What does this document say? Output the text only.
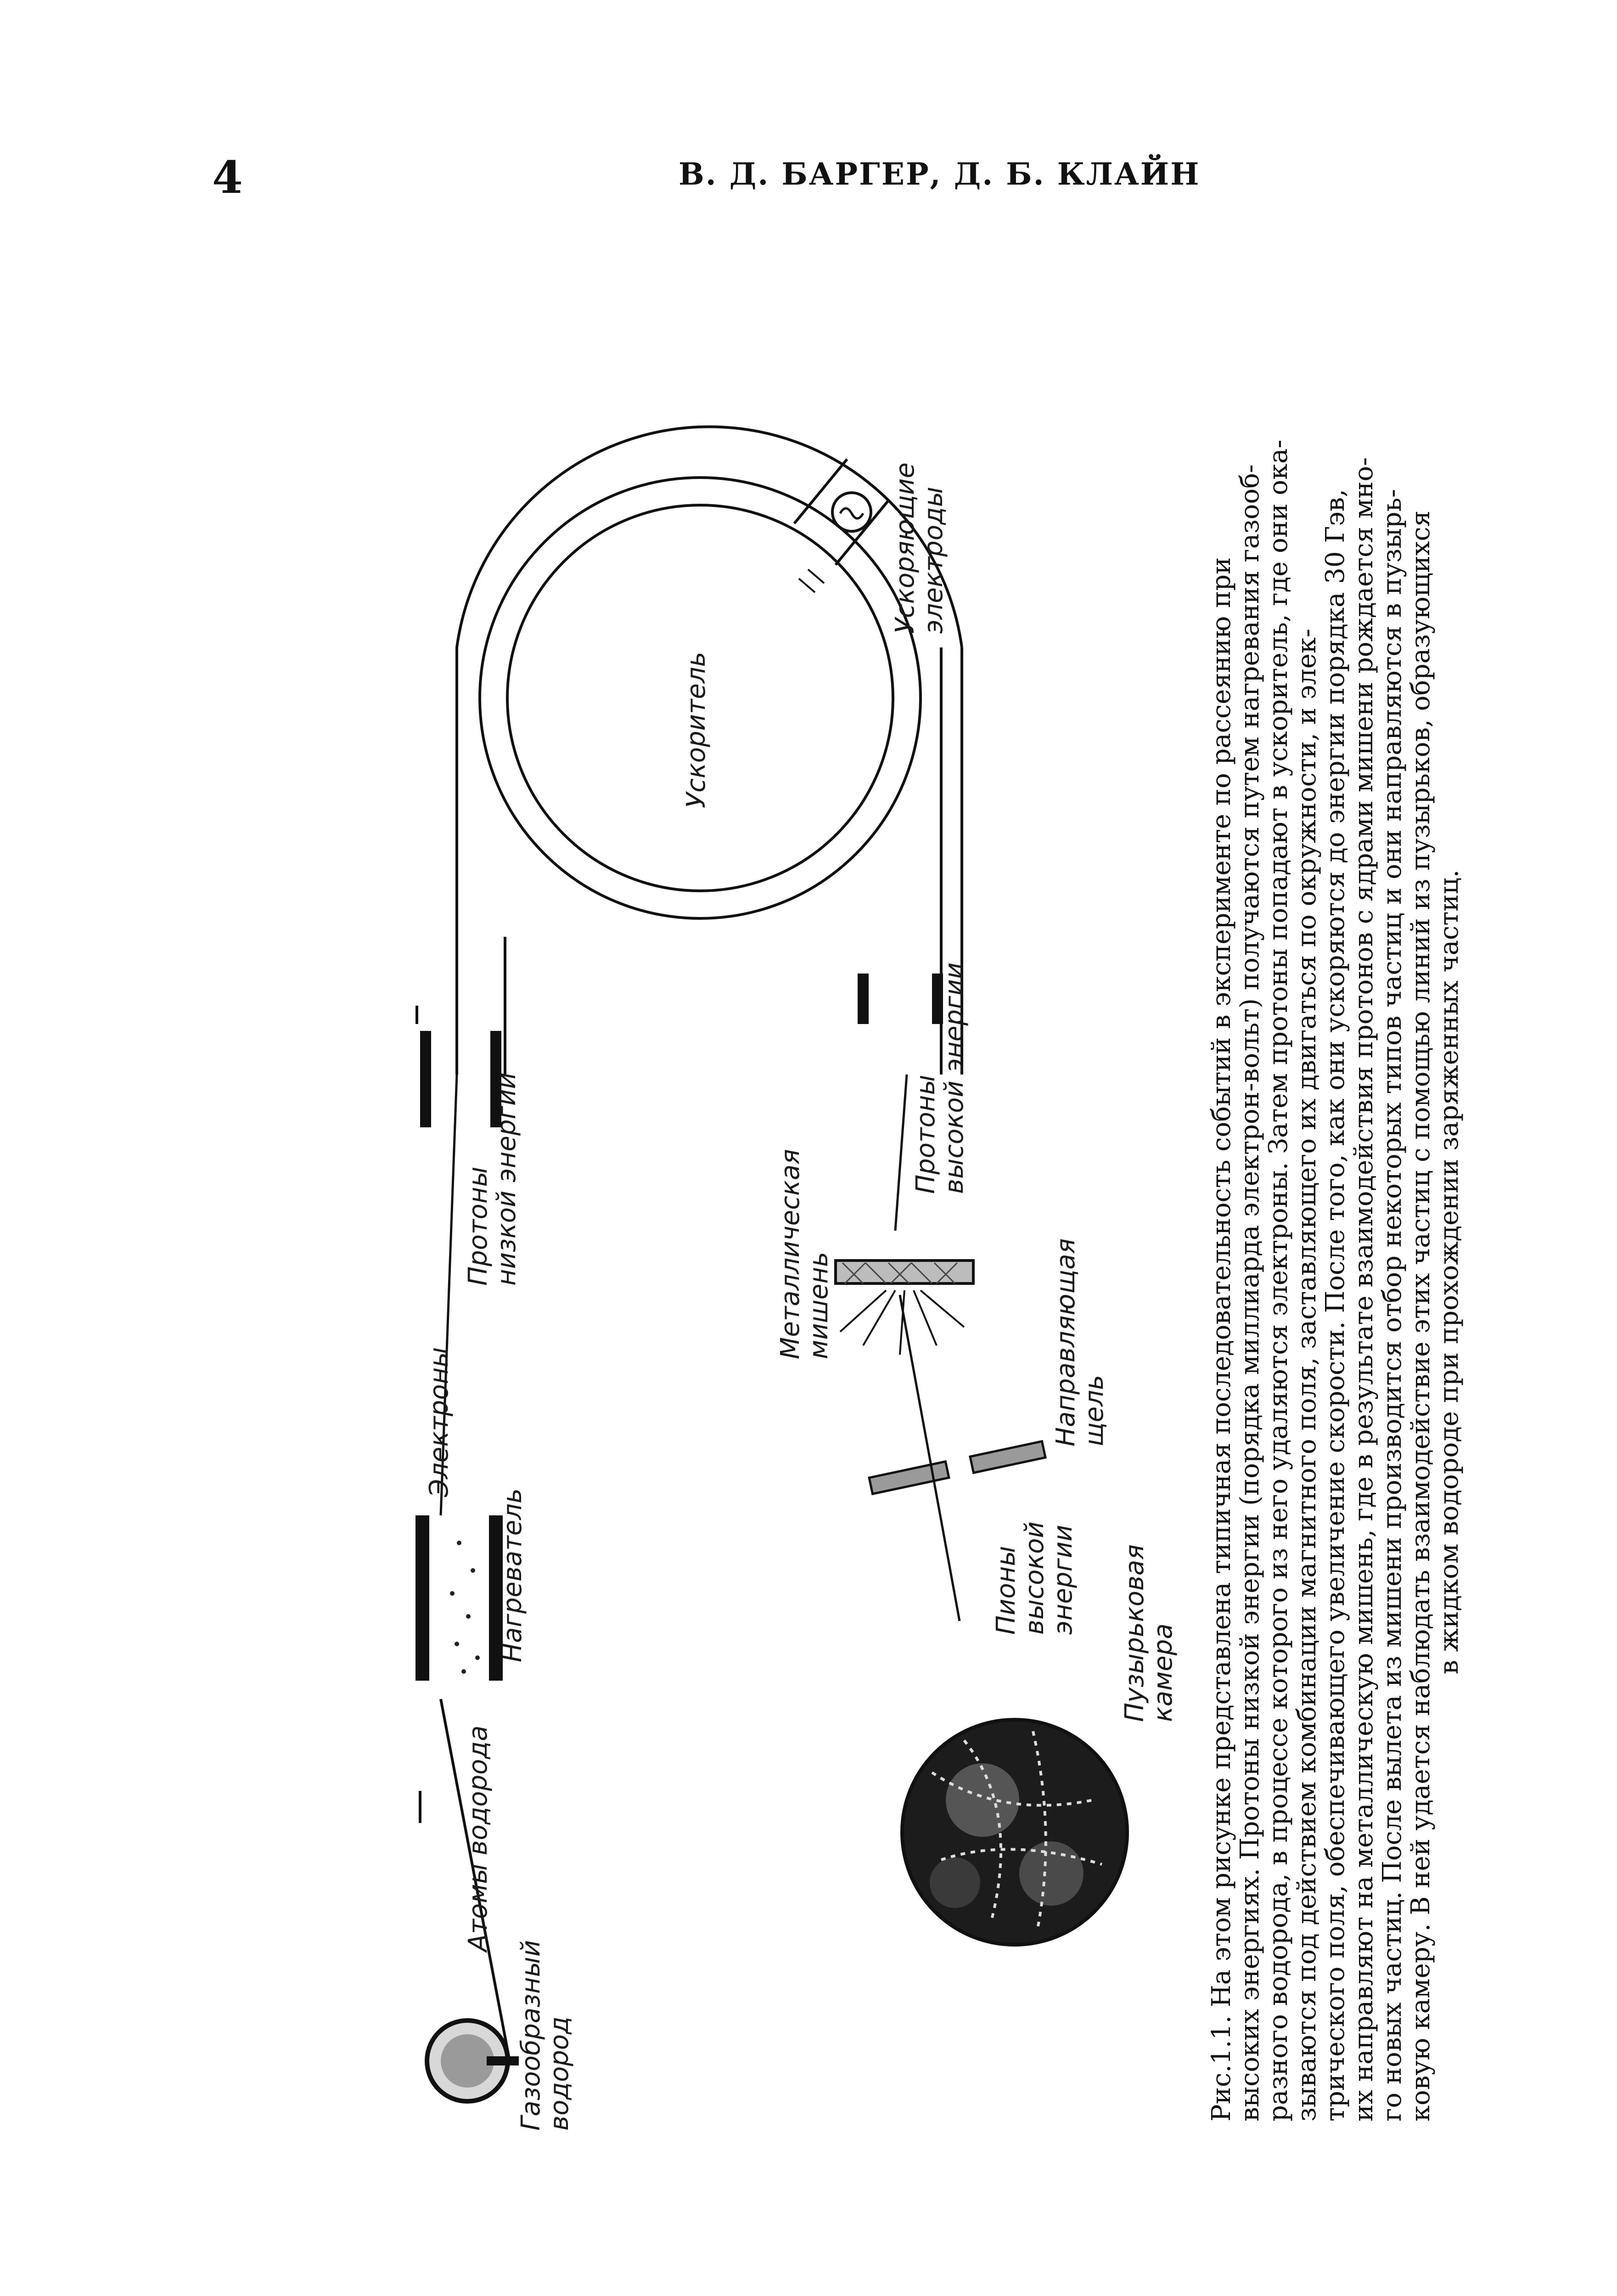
4	В. Д. БАРГЕР, Д. Б. КЛАЙН
Газообразный водород
Атомы водорода
Нагреватель
Электроны
Протоны низкой энергии
Ускоритель
Ускоряющие электроды
Протоны высокой энергии
Металлическая мишень	Направляющая щель
Пионы высокой энергии Пузырьковая камера Рис.1.1. На этом рисунке представлена типичная последовательность событий в эксперименте по рассеянию при

высоких энергиях. Протоны низкой энергии (порядка миллиарда электрон-вольт) получаются путем нагревания газооб-

разного водорода, в процессе которого из него удаляются электроны. Затем протоны попадают в ускоритель, где они ока-

зываются под действием комбинации магнитного поля, заставляющего их двигаться по окружности, и элек-

трического поля, обеспечивающего увеличение скорости. После того, как они ускоряются до энергии порядка 30 Гэв,

их направляют на металлическую мишень, где в результате взаимодействия протонов с ядрами мишени рождается мно-

го новых частиц. После вылета из мишени производится отбор некоторых типов частиц и они направляются в пузырь-

ковую камеру. В ней удается наблюдать взаимодействие этих частиц с помощью линий из пузырьков, образующихся

в жидком водороде при прохождении заряженных частиц.
